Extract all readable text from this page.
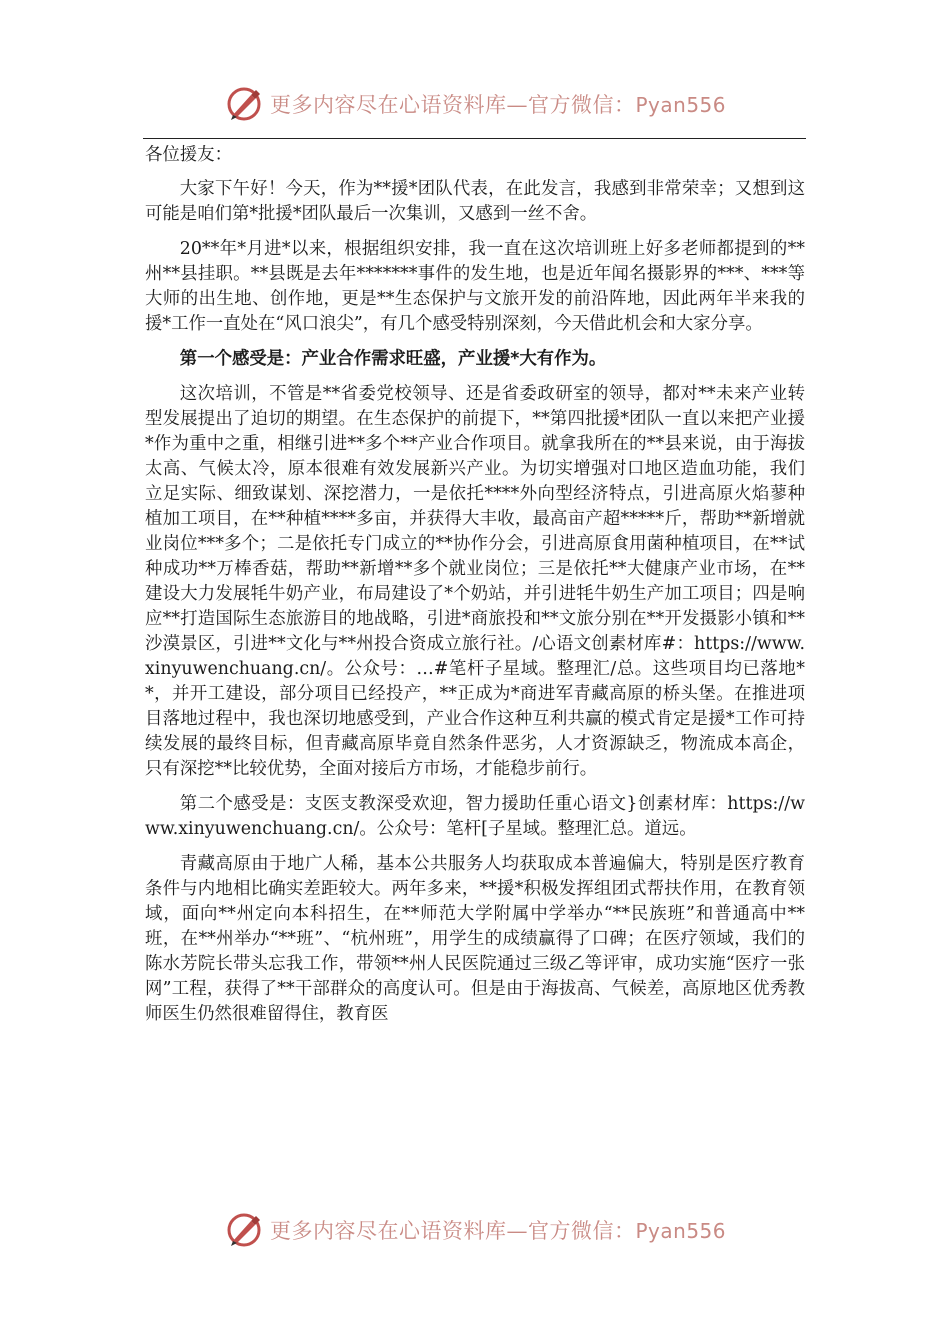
更多内容尽在心语资料库—官方微信：Pyan556

各位援友：

大家下午好！今天，作为**援*团队代表，在此发言，我感到非常荣幸；又想到这可能是咱们第*批援*团队最后一次集训，又感到一丝不舍。

20**年*月进*以来，根据组织安排，我一直在这次培训班上好多老师都提到的**州**县挂职。**县既是去年*******事件的发生地，也是近年闻名摄影界的***、***等大师的出生地、创作地，更是**生态保护与文旅开发的前沿阵地，因此两年半来我的援*工作一直处在“风口浪尖”，有几个感受特别深刻，今天借此机会和大家分享。

第一个感受是：产业合作需求旺盛，产业援*大有作为。

这次培训，不管是**省委党校领导、还是省委政研室的领导，都对**未来产业转型发展提出了迫切的期望。在生态保护的前提下，**第四批援*团队一直以来把产业援*作为重中之重，相继引进**多个**产业合作项目。就拿我所在的**县来说，由于海拔太高、气候太冷，原本很难有效发展新兴产业。为切实增强对口地区造血功能，我们立足实际、细致谋划、深挖潜力，一是依托****外向型经济特点，引进高原火焰蓼种植加工项目，在**种植****多亩，并获得大丰收，最高亩产超*****斤，帮助**新增就业岗位***多个；二是依托专门成立的**协作分会，引进高原食用菌种植项目，在**试种成功**万棒香菇，帮助**新增**多个就业岗位；三是依托**大健康产业市场，在**建设大力发展牦牛奶产业，布局建设了*个奶站，并引进牦牛奶生产加工项目；四是响应**打造国际生态旅游目的地战略，引进*商旅投和**文旅分别在**开发摄影小镇和**沙漠景区，引进**文化与**州投合资成立旅行社。/心语文创素材库#：https://www.xinyuwenchuang.cn/。公众号：…#笔杆子星域。整理汇/总。这些项目均已落地**，并开工建设，部分项目已经投产，**正成为*商进军青藏高原的桥头堡。在推进项目落地过程中，我也深切地感受到，产业合作这种互利共赢的模式肯定是援*工作可持续发展的最终目标，但青藏高原毕竟自然条件恶劣，人才资源缺乏，物流成本高企，只有深挖**比较优势，全面对接后方市场，才能稳步前行。

第二个感受是：支医支教深受欢迎，智力援助任重心语文}创素材库：https://www.xinyuwenchuang.cn/。公众号：笔杆[子星域。整理汇总。道远。

青藏高原由于地广人稀，基本公共服务人均获取成本普遍偏大，特别是医疗教育条件与内地相比确实差距较大。两年多来，**援*积极发挥组团式帮扶作用，在教育领域，面向**州定向本科招生，在**师范大学附属中学举办“**民族班”和普通高中**班，在**州举办“**班”、“杭州班”，用学生的成绩赢得了口碑；在医疗领域，我们的陈水芳院长带头忘我工作，带领**州人民医院通过三级乙等评审，成功实施“医疗一张网”工程，获得了**干部群众的高度认可。但是由于海拔高、气候差，高原地区优秀教师医生仍然很难留得住，教育医

更多内容尽在心语资料库—官方微信：Pyan556
